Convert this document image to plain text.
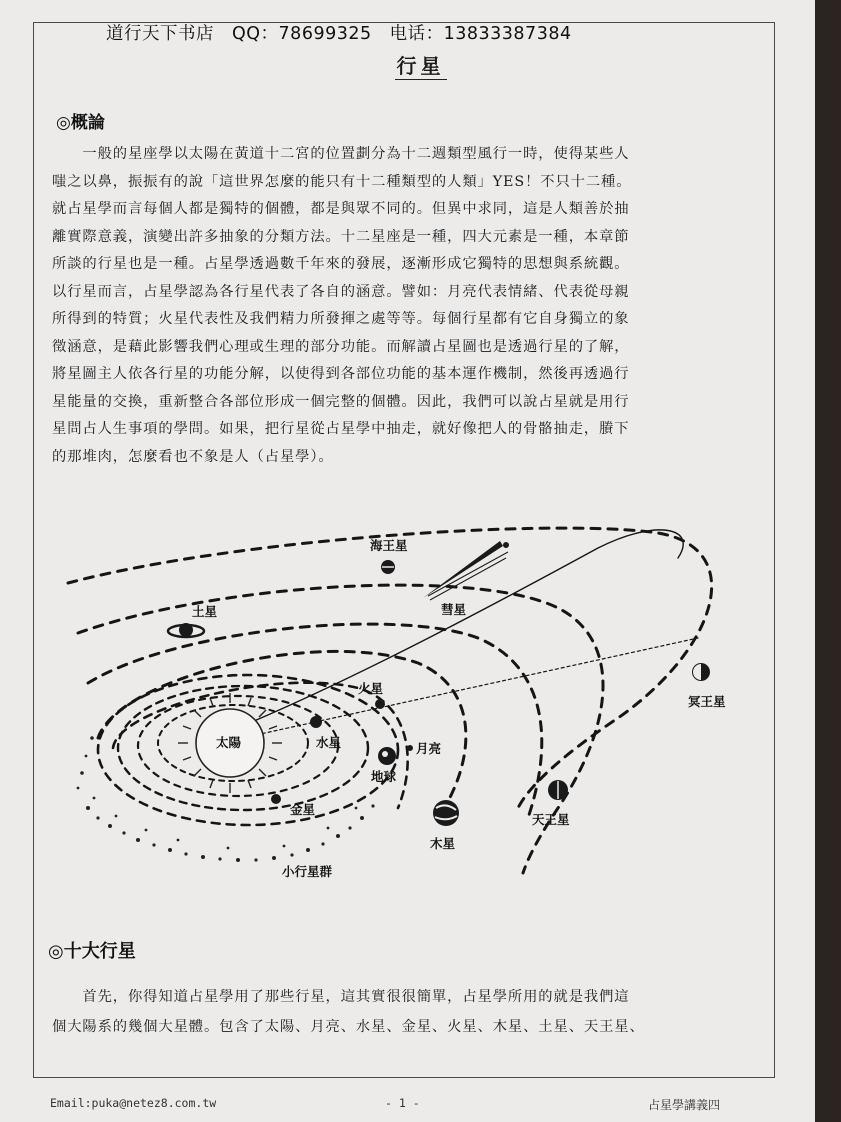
道行天下书店　QQ：78699325　电话：13833387384
行星
◎概論
　　一般的星座學以太陽在黃道十二宮的位置劃分為十二週類型風行一時，使得某些人
嗤之以鼻，振振有的說「這世界怎麼的能只有十二種類型的人類」YES！不只十二種。
就占星學而言每個人都是獨特的個體，都是與眾不同的。但異中求同，這是人類善於抽
離實際意義，演變出許多抽象的分類方法。十二星座是一種，四大元素是一種，本章節
所談的行星也是一種。占星學透過數千年來的發展，逐漸形成它獨特的思想與系統觀。
以行星而言，占星學認為各行星代表了各自的涵意。譬如：月亮代表情緒、代表從母親
所得到的特質；火星代表性及我們精力所發揮之處等等。每個行星都有它自身獨立的象
徵涵意，是藉此影響我們心理或生理的部分功能。而解讀占星圖也是透過行星的了解，
將星圖主人依各行星的功能分解，以使得到各部位功能的基本運作機制，然後再透過行
星能量的交換，重新整合各部位形成一個完整的個體。因此，我們可以說占星就是用行
星問占人生事項的學問。如果，把行星從占星學中抽走，就好像把人的骨骼抽走，賸下
的那堆肉，怎麼看也不象是人（占星學）。
太陽	水星
金星
地球
月亮
火星
木星
土星
天王星
海王星
冥王星
彗星
小行星群
◎十大行星
　　首先，你得知道占星學用了那些行星，這其實很很簡單，占星學所用的就是我們這
個大陽系的幾個大星體。包含了太陽、月亮、水星、金星、火星、木星、土星、天王星、
Email:puka@netez8.com.tw	- 1 -	占星學講義四
